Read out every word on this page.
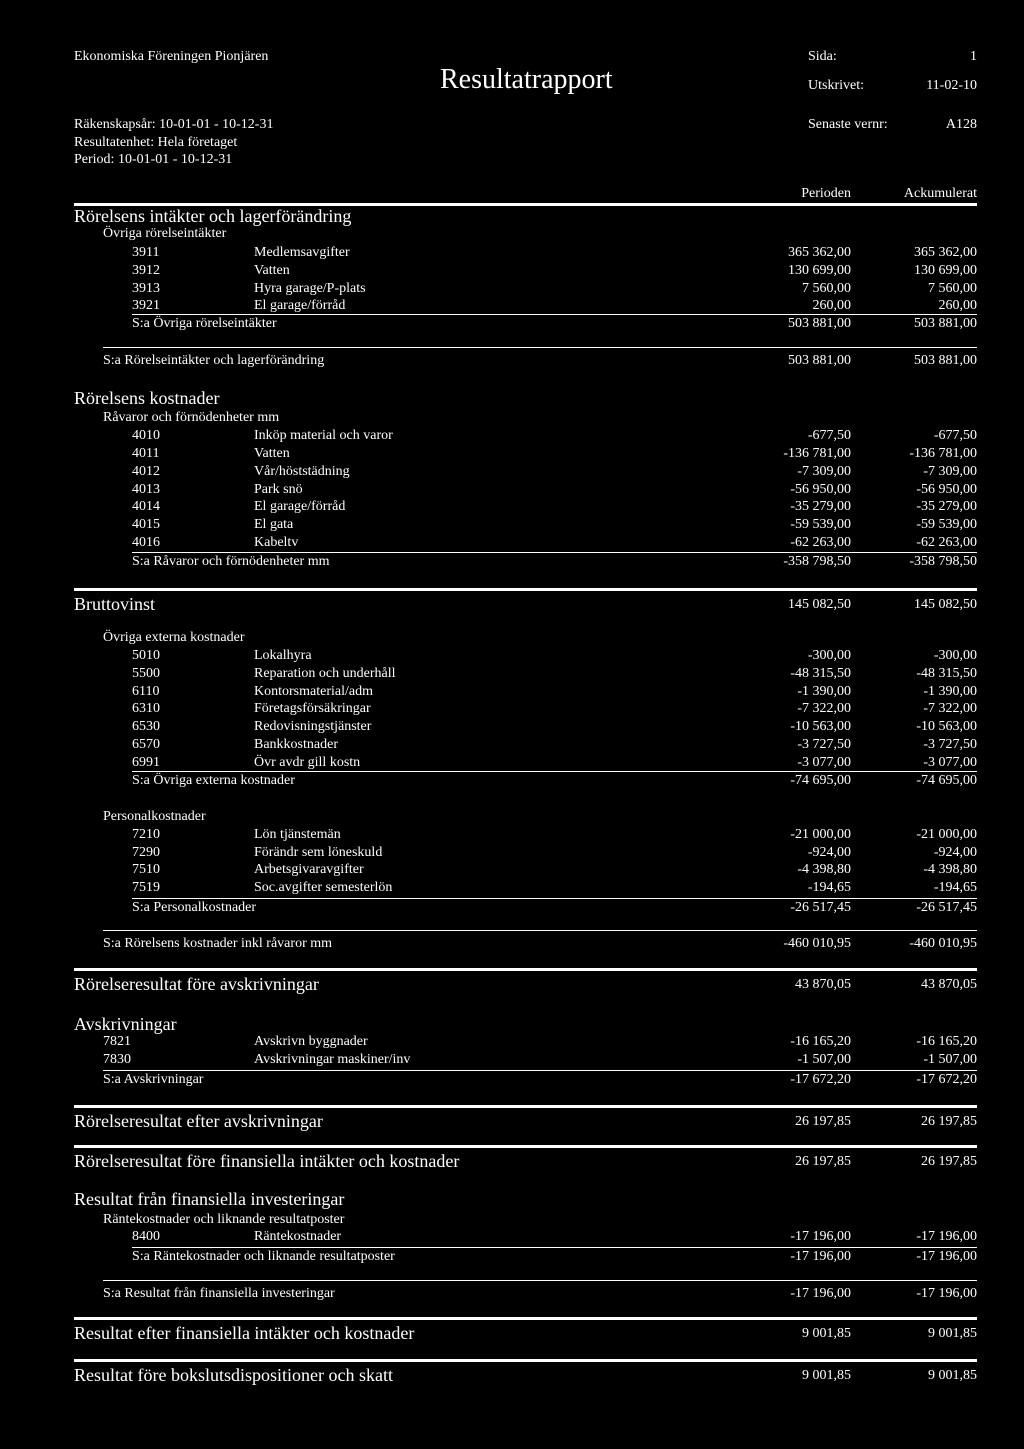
Ekonomiska Föreningen Pionjären
Resultatrapport
Sida:	1
Utskrivet:	11-02-10
Räkenskapsår: 10-01-01 - 10-12-31	Senaste vernr:	A128
Resultatenhet: Hela företaget
Period: 10-01-01 - 10-12-31
Perioden	Ackumulerat
Rörelsens intäkter och lagerförändring
Övriga rörelseintäkter
3911	Medlemsavgifter	365 362,00	365 362,00
3912	Vatten	130 699,00	130 699,00
3913	Hyra garage/P-plats	7 560,00	7 560,00
3921	El garage/förråd	260,00	260,00
S:a Övriga rörelseintäkter	503 881,00	503 881,00
S:a Rörelseintäkter och lagerförändring	503 881,00	503 881,00
Rörelsens kostnader
Råvaror och förnödenheter mm
4010	Inköp material och varor	-677,50	-677,50
4011	Vatten	-136 781,00	-136 781,00
4012	Vår/höststädning	-7 309,00	-7 309,00
4013	Park snö	-56 950,00	-56 950,00
4014	El garage/förråd	-35 279,00	-35 279,00
4015	El gata	-59 539,00	-59 539,00
4016	Kabeltv	-62 263,00	-62 263,00
S:a Råvaror och förnödenheter mm	-358 798,50	-358 798,50
Bruttovinst	145 082,50	145 082,50
Övriga externa kostnader
5010	Lokalhyra	-300,00	-300,00
5500	Reparation och underhåll	-48 315,50	-48 315,50
6110	Kontorsmaterial/adm	-1 390,00	-1 390,00
6310	Företagsförsäkringar	-7 322,00	-7 322,00
6530	Redovisningstjänster	-10 563,00	-10 563,00
6570	Bankkostnader	-3 727,50	-3 727,50
6991	Övr avdr gill kostn	-3 077,00	-3 077,00
S:a Övriga externa kostnader	-74 695,00	-74 695,00
Personalkostnader
7210	Lön tjänstemän	-21 000,00	-21 000,00
7290	Förändr sem löneskuld	-924,00	-924,00
7510	Arbetsgivaravgifter	-4 398,80	-4 398,80
7519	Soc.avgifter semesterlön	-194,65	-194,65
S:a Personalkostnader	-26 517,45	-26 517,45
S:a Rörelsens kostnader inkl råvaror mm	-460 010,95	-460 010,95
Rörelseresultat före avskrivningar	43 870,05	43 870,05
Avskrivningar
7821	Avskrivn byggnader	-16 165,20	-16 165,20
7830	Avskrivningar maskiner/inv	-1 507,00	-1 507,00
S:a Avskrivningar	-17 672,20	-17 672,20
Rörelseresultat efter avskrivningar	26 197,85	26 197,85
Rörelseresultat före finansiella intäkter och kostnader	26 197,85	26 197,85
Resultat från finansiella investeringar
Räntekostnader och liknande resultatposter
8400	Räntekostnader	-17 196,00	-17 196,00
S:a Räntekostnader och liknande resultatposter	-17 196,00	-17 196,00
S:a Resultat från finansiella investeringar	-17 196,00	-17 196,00
Resultat efter finansiella intäkter och kostnader	9 001,85	9 001,85
Resultat före bokslutsdispositioner och skatt	9 001,85	9 001,85
